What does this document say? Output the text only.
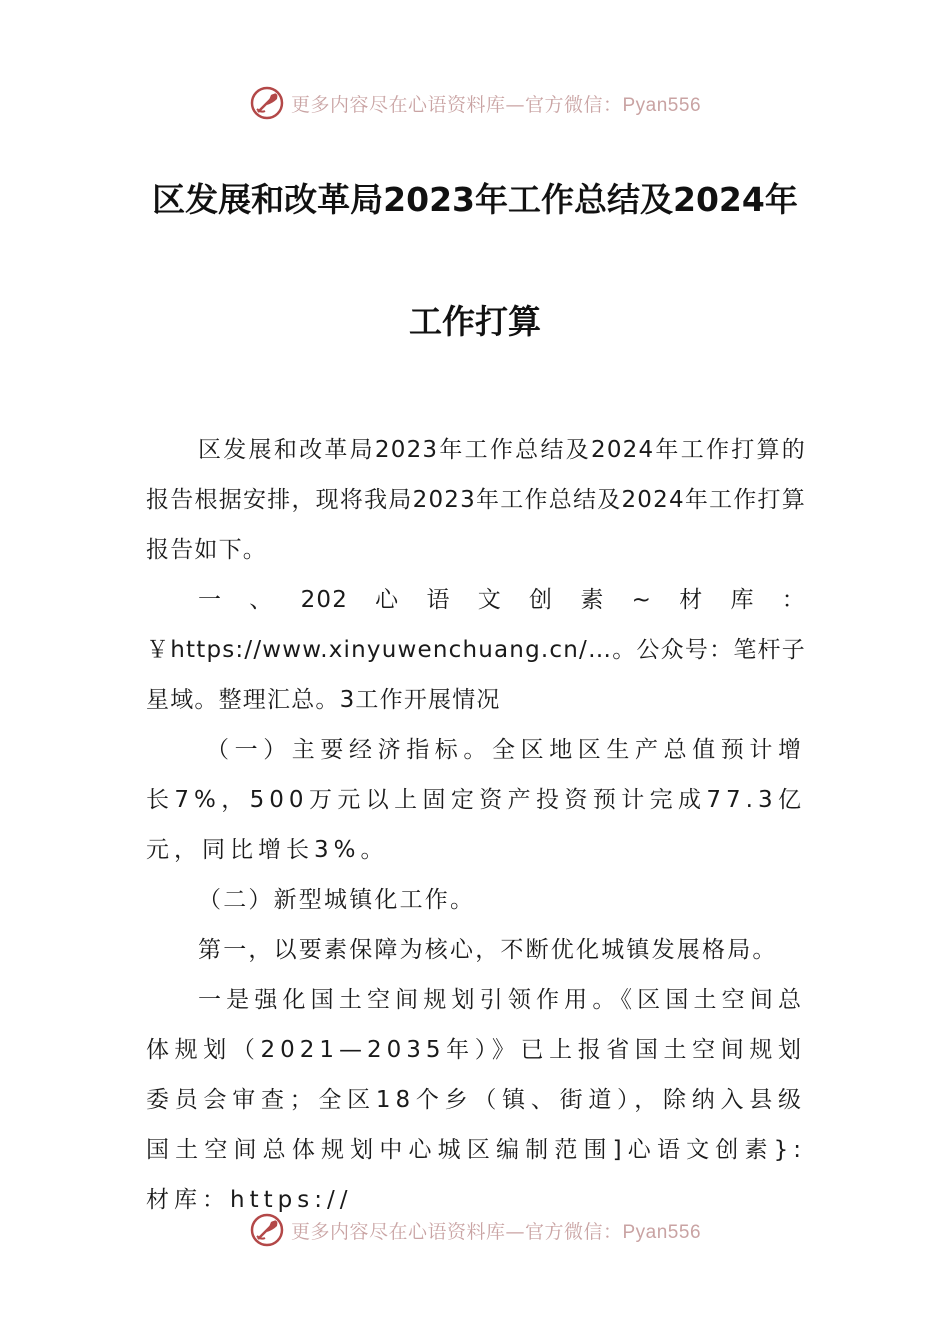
更多内容尽在心语资料库—官方微信：Pyan556
区发展和改革局2023年工作总结及2024年
工作打算

区发展和改革局2023年工作总结及2024年工作打算的报告根据安排，现将我局2023年工作总结及2024年工作打算报告如下。

一、202心语文创素~材库：￥https://www.xinyuwenchuang.cn/…。公众号：笔杆子星域。整理汇总。3工作开展情况

（一）主要经济指标。全区地区生产总值预计增长7%，500万元以上固定资产投资预计完成77.3亿元，同比增长3%。

（二）新型城镇化工作。

第一，以要素保障为核心，不断优化城镇发展格局。

一是强化国土空间规划引领作用。《区国土空间总体规划（2021—2035年）》已上报省国土空间规划委员会审查；全区18个乡（镇、街道），除纳入县级国土空间总体规划中心城区编制范围]心语文创素}:材库：https://

更多内容尽在心语资料库—官方微信：Pyan556
